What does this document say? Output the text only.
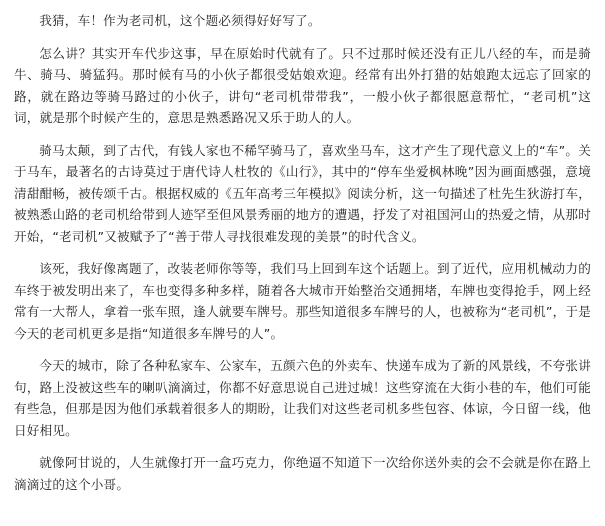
我猜，车！作为老司机，这个题必须得好好写了。

怎么讲？其实开车代步这事，早在原始时代就有了。只不过那时候还没有正儿八经的车，而是骑牛、骑马、骑猛犸。那时候有马的小伙子都很受姑娘欢迎。经常有出外打猎的姑娘跑太远忘了回家的路，就在路边等骑马路过的小伙子，讲句“老司机带带我”，一般小伙子都很愿意帮忙，“老司机”这词，就是那个时候产生的，意思是熟悉路况又乐于助人的人。

骑马太颠，到了古代，有钱人家也不稀罕骑马了，喜欢坐马车，这才产生了现代意义上的“车”。关于马车，最著名的古诗莫过于唐代诗人杜牧的《山行》，其中的“停车坐爱枫林晚”因为画面感强，意境清甜酣畅，被传颂千古。根据权威的《五年高考三年模拟》阅读分析，这一句描述了杜先生狄游打车，被熟悉山路的老司机给带到人迹罕至但风景秀丽的地方的遭遇，抒发了对祖国河山的热爱之情，从那时开始，“老司机”又被赋予了“善于带人寻找很难发现的美景”的时代含义。

该死，我好像离题了，改装老师你等等，我们马上回到车这个话题上。到了近代，应用机械动力的车终于被发明出来了，车也变得多种多样，随着各大城市开始整治交通拥堵，车牌也变得抢手，网上经常有一大帮人，拿着一张车照，逢人就要车牌号。那些知道很多车牌号的人，也被称为“老司机”，于是今天的老司机更多是指“知道很多车牌号的人”。

今天的城市，除了各种私家车、公家车，五颜六色的外卖车、快递车成为了新的风景线，不夸张讲句，路上没被这些车的喇叭滴滴过，你都不好意思说自己进过城！这些穿流在大街小巷的车，他们可能有些急，但那是因为他们承载着很多人的期盼，让我们对这些老司机多些包容、体谅，今日留一线，他日好相见。

就像阿甘说的，人生就像打开一盒巧克力，你绝逼不知道下一次给你送外卖的会不会就是你在路上滴滴过的这个小哥。
